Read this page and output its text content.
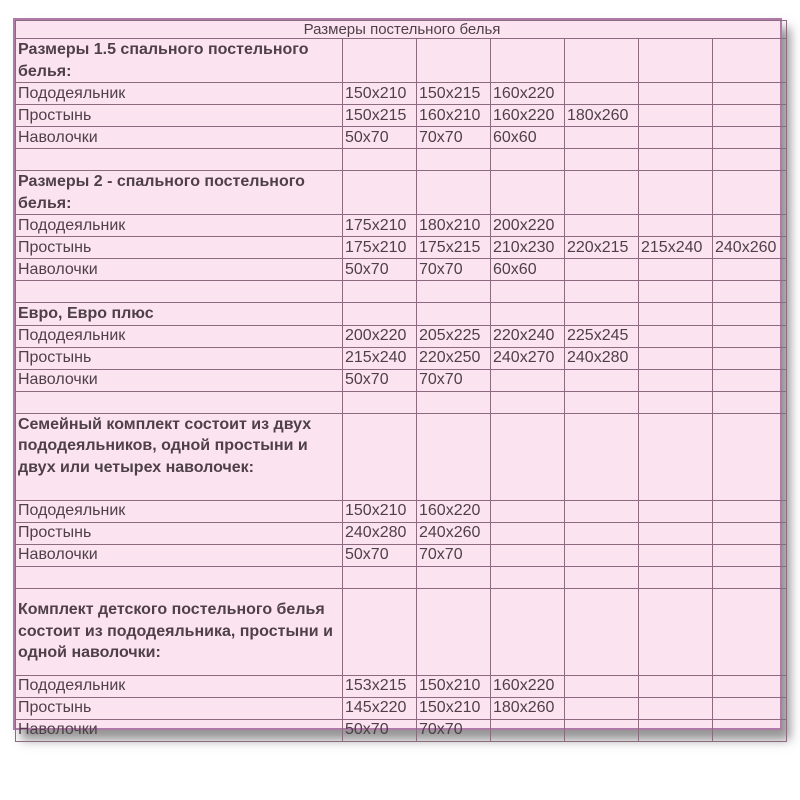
Размеры постельного белья						
Размеры 1.5 спального постельного белья:						
Пододеяльник	150x210	150x215	160x220			
Простынь	150x215	160x210	160x220	180x260		
Наволочки	50x70	70x70	60x60			

Размеры 2 - спального постельного белья:						
Пододеяльник	175x210	180x210	200x220			
Простынь	175x210	175x215	210x230	220x215	215x240	240x260
Наволочки	50x70	70x70	60x60			

Евро, Евро плюс						
Пододеяльник	200x220	205x225	220x240	225x245		
Простынь	215x240	220x250	240x270	240x280		
Наволочки	50x70	70x70				

Семейный комплект состоит из двух пододеяльников, одной простыни и двух или четырех наволочек:						
Пододеяльник	150x210	160x220				
Простынь	240x280	240x260				
Наволочки	50x70	70x70				

Комплект детского постельного белья состоит из пододеяльника, простыни и одной наволочки:						
Пододеяльник	153x215	150x210	160x220			
Простынь	145x220	150x210	180x260			
Наволочки	50x70	70x70				
